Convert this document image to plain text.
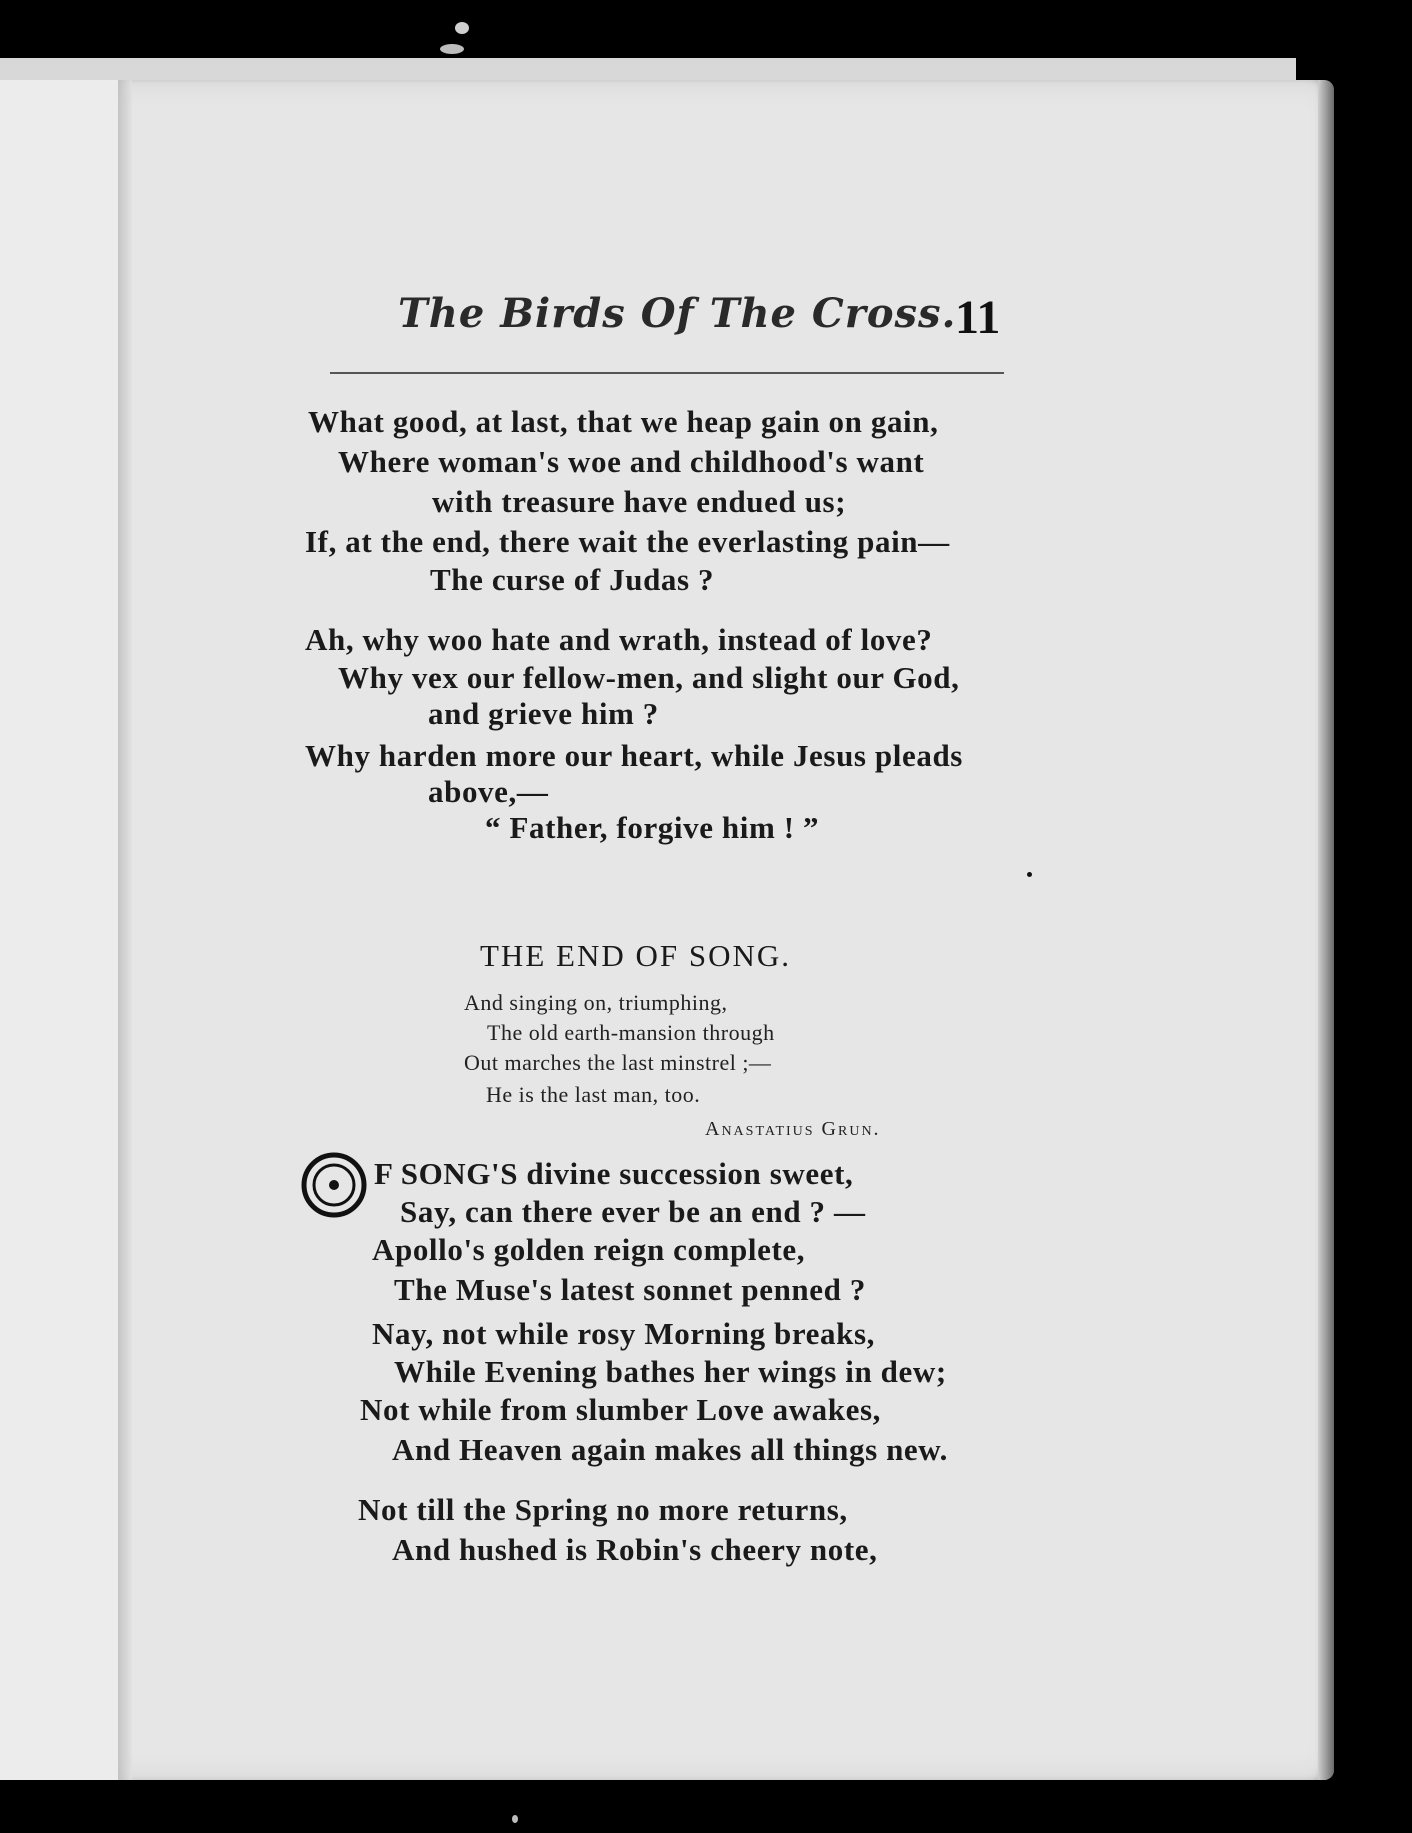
The Birds Of The Cross.
11
What good, at last, that we heap gain on gain,
Where woman's woe and childhood's want
with treasure have endued us;
If, at the end, there wait the everlasting pain—
The curse of Judas ?
Ah, why woo hate and wrath, instead of love?
Why vex our fellow-men, and slight our God,
and grieve him ?
Why harden more our heart, while Jesus pleads
above,—
“ Father, forgive him ! ”
THE END OF SONG.
And singing on, triumphing,
The old earth-mansion through
Out marches the last minstrel ;—
He is the last man, too.
Anastatius Grun.
F SONG'S divine succession sweet,
Say, can there ever be an end ? —
Apollo's golden reign complete,
The Muse's latest sonnet penned ?
Nay, not while rosy Morning breaks,
While Evening bathes her wings in dew;
Not while from slumber Love awakes,
And Heaven again makes all things new.
Not till the Spring no more returns,
And hushed is Robin's cheery note,
